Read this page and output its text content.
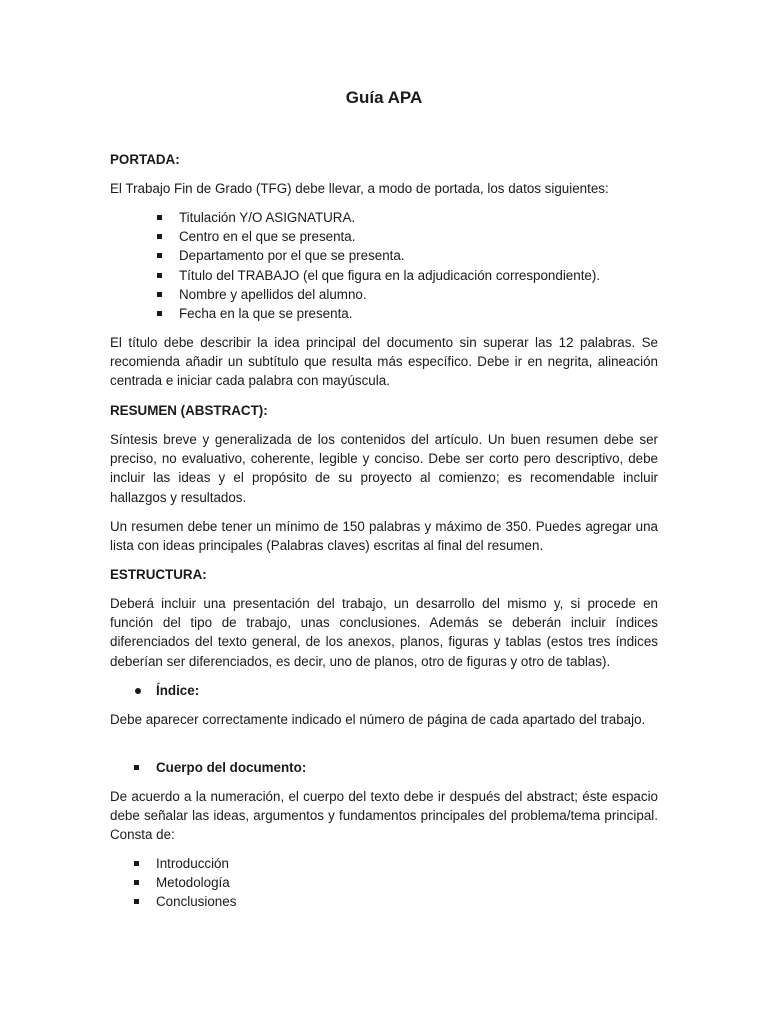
Guía APA

PORTADA:

El Trabajo Fin de Grado (TFG) debe llevar, a modo de portada, los datos siguientes:

Titulación Y/O ASIGNATURA.
Centro en el que se presenta.
Departamento por el que se presenta.
Título del TRABAJO (el que figura en la adjudicación correspondiente).
Nombre y apellidos del alumno.
Fecha en la que se presenta.

El título debe describir la idea principal del documento sin superar las 12 palabras. Se recomienda añadir un subtítulo que resulta más específico. Debe ir en negrita, alineación centrada e iniciar cada palabra con mayúscula.

RESUMEN (ABSTRACT):

Síntesis breve y generalizada de los contenidos del artículo. Un buen resumen debe ser preciso, no evaluativo, coherente, legible y conciso. Debe ser corto pero descriptivo, debe incluir las ideas y el propósito de su proyecto al comienzo; es recomendable incluir hallazgos y resultados.

Un resumen debe tener un mínimo de 150 palabras y máximo de 350. Puedes agregar una lista con ideas principales (Palabras claves) escritas al final del resumen.

ESTRUCTURA:

Deberá incluir una presentación del trabajo, un desarrollo del mismo y, si procede en función del tipo de trabajo, unas conclusiones. Además se deberán incluir índices diferenciados del texto general, de los anexos, planos, figuras y tablas (estos tres índices deberían ser diferenciados, es decir, uno de planos, otro de figuras y otro de tablas).

Índice:

Debe aparecer correctamente indicado el número de página de cada apartado del trabajo.

Cuerpo del documento:

De acuerdo a la numeración, el cuerpo del texto debe ir después del abstract; éste espacio debe señalar las ideas, argumentos y fundamentos principales del problema/tema principal. Consta de:

Introducción
Metodología
Conclusiones
